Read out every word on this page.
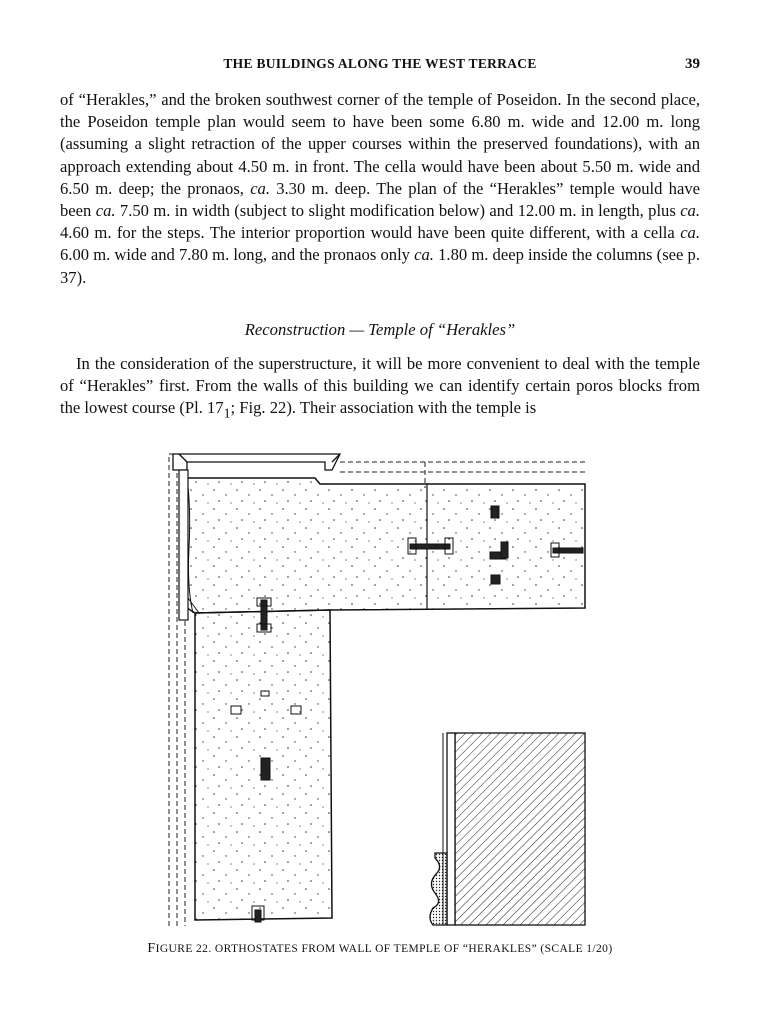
THE BUILDINGS ALONG THE WEST TERRACE	39

of “Herakles,” and the broken southwest corner of the temple of Poseidon. In the second place, the Poseidon temple plan would seem to have been some 6.80 m. wide and 12.00 m. long (assuming a slight retraction of the upper courses within the preserved foundations), with an approach extending about 4.50 m. in front. The cella would have been about 5.50 m. wide and 6.50 m. deep; the pronaos, ca. 3.30 m. deep. The plan of the “Herakles” temple would have been ca. 7.50 m. in width (subject to slight modification below) and 12.00 m. in length, plus ca. 4.60 m. for the steps. The interior proportion would have been quite different, with a cella ca. 6.00 m. wide and 7.80 m. long, and the pronaos only ca. 1.80 m. deep inside the columns (see p. 37).

Reconstruction — Temple of “Herakles”

In the consideration of the superstructure, it will be more convenient to deal with the temple of “Herakles” first. From the walls of this building we can identify certain poros blocks from the lowest course (Pl. $17_1$; Fig. 22). Their association with the temple is

FIGURE 22. ORTHOSTATES FROM WALL OF TEMPLE OF “HERAKLES” (SCALE 1/20)
